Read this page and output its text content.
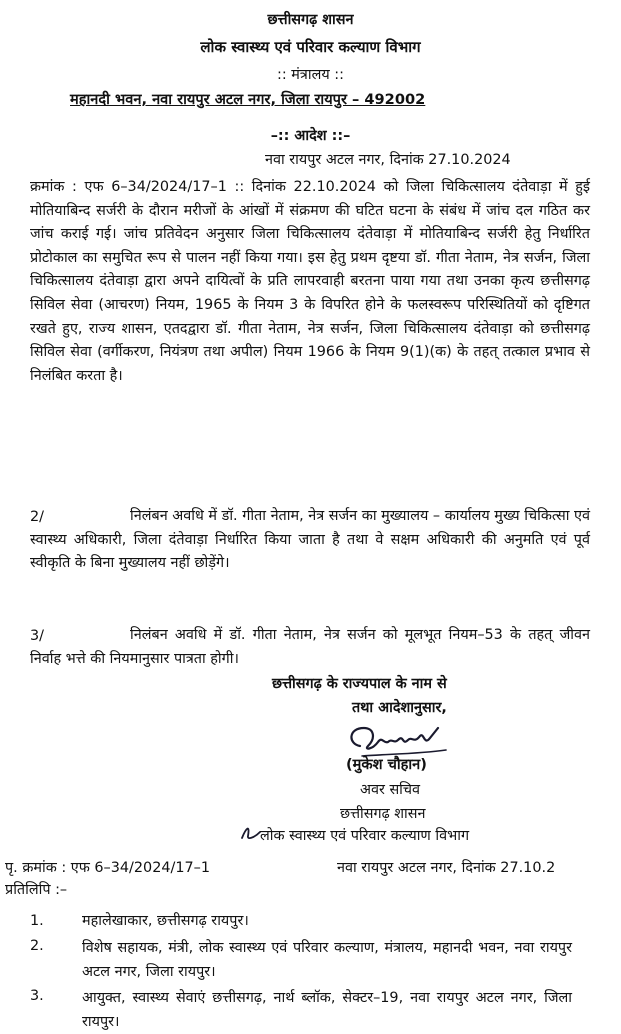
छत्तीसगढ़ शासन
लोक स्वास्थ्य एवं परिवार कल्याण विभाग
:: मंत्रालय ::
महानदी भवन, नवा रायपुर अटल नगर, जिला रायपुर – 492002
–:: आदेश ::–
नवा रायपुर अटल नगर, दिनांक 27.10.2024
क्रमांक : एफ 6–34/2024/17–1 :: दिनांक 22.10.2024 को जिला चिकित्सालय दंतेवाड़ा में हुई मोतियाबिन्द सर्जरी के दौरान मरीजों के आंखों में संक्रमण की घटित घटना के संबंध में जांच दल गठित कर जांच कराई गई। जांच प्रतिवेदन अनुसार जिला चिकित्सालय दंतेवाड़ा में मोतियाबिन्द सर्जरी हेतु निर्धारित प्रोटोकाल का समुचित रूप से पालन नहीं किया गया। इस हेतु प्रथम दृष्टया डॉ. गीता नेताम, नेत्र सर्जन, जिला चिकित्सालय दंतेवाड़ा द्वारा अपने दायित्वों के प्रति लापरवाही बरतना पाया गया तथा उनका कृत्य छत्तीसगढ़ सिविल सेवा (आचरण) नियम, 1965 के नियम 3 के विपरित होने के फलस्वरूप परिस्थितियों को दृष्टिगत रखते हुए, राज्य शासन, एतदद्वारा डॉ. गीता नेताम, नेत्र सर्जन, जिला चिकित्सालय दंतेवाड़ा को छत्तीसगढ़ सिविल सेवा (वर्गीकरण, नियंत्रण तथा अपील) नियम 1966 के नियम 9(1)(क) के तहत् तत्काल प्रभाव से निलंबित करता है।
2/	निलंबन अवधि में डॉ. गीता नेताम, नेत्र सर्जन का मुख्यालय – कार्यालय मुख्य चिकित्सा एवं स्वास्थ्य अधिकारी, जिला दंतेवाड़ा निर्धारित किया जाता है तथा वे सक्षम अधिकारी की अनुमति एवं पूर्व स्वीकृति के बिना मुख्यालय नहीं छोड़ेंगे।
3/	निलंबन अवधि में डॉ. गीता नेताम, नेत्र सर्जन को मूलभूत नियम–53 के तहत् जीवन निर्वाह भत्ते की नियमानुसार पात्रता होगी।
छत्तीसगढ़ के राज्यपाल के नाम से
तथा आदेशानुसार,
(मुकेश चौहान)
अवर सचिव
छत्तीसगढ़ शासन
लोक स्वास्थ्य एवं परिवार कल्याण विभाग
पृ. क्रमांक : एफ 6–34/2024/17–1	नवा रायपुर अटल नगर, दिनांक 27.10.2
प्रतिलिपि :–
1.	महालेखाकार, छत्तीसगढ़ रायपुर।
2.	विशेष सहायक, मंत्री, लोक स्वास्थ्य एवं परिवार कल्याण, मंत्रालय, महानदी भवन, नवा रायपुर अटल नगर, जिला रायपुर।
3.	आयुक्त, स्वास्थ्य सेवाएं छत्तीसगढ़, नार्थ ब्लॉक, सेक्टर–19, नवा रायपुर अटल नगर, जिला रायपुर।
